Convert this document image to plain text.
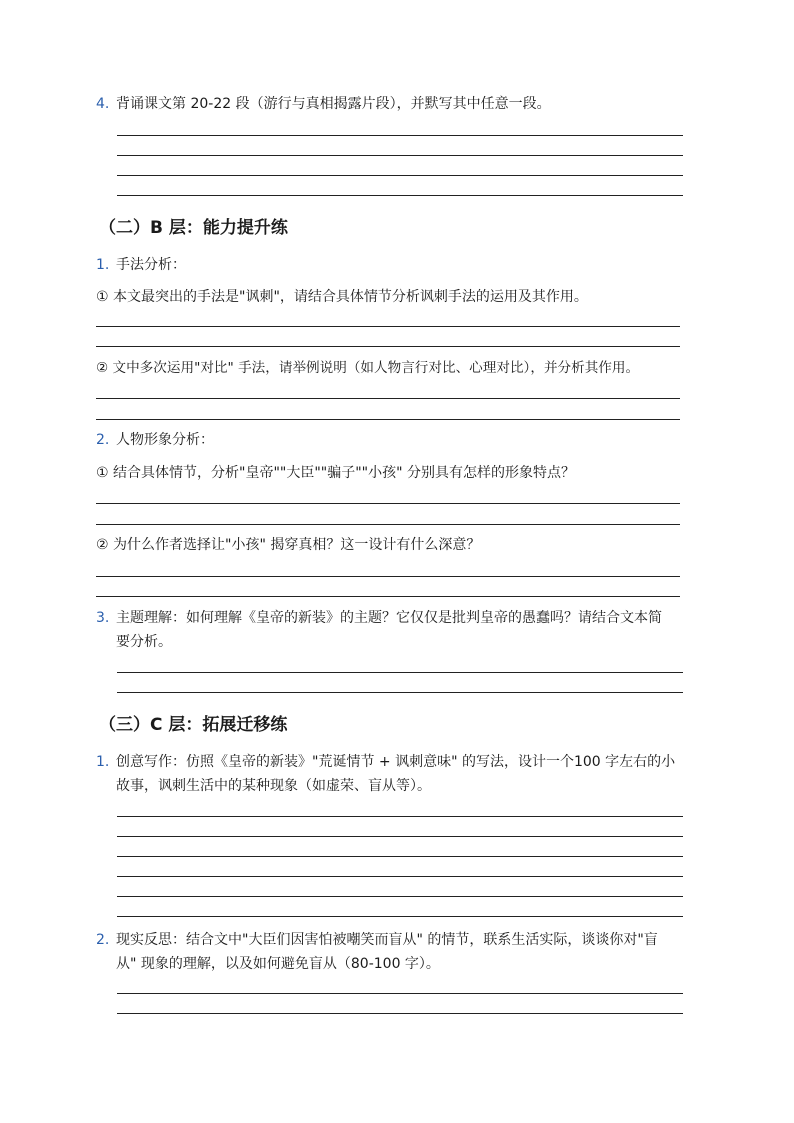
4. 背诵课文第 20-22 段（游行与真相揭露片段），并默写其中任意一段。
（二）B 层：能力提升练
1. 手法分析：
① 本文最突出的手法是"讽刺"，请结合具体情节分析讽刺手法的运用及其作用。
② 文中多次运用"对比" 手法，请举例说明（如人物言行对比、心理对比），并分析其作用。
2. 人物形象分析：
① 结合具体情节，分析"皇帝""大臣""骗子""小孩" 分别具有怎样的形象特点？
② 为什么作者选择让"小孩" 揭穿真相？这一设计有什么深意？
3. 主题理解：如何理解《皇帝的新装》的主题？它仅仅是批判皇帝的愚蠢吗？请结合文本简
要分析。
（三）C 层：拓展迁移练
1. 创意写作：仿照《皇帝的新装》"荒诞情节 + 讽刺意味" 的写法，设计一个100 字左右的小
故事，讽刺生活中的某种现象（如虚荣、盲从等）。
2. 现实反思：结合文中"大臣们因害怕被嘲笑而盲从" 的情节，联系生活实际，谈谈你对"盲
从" 现象的理解，以及如何避免盲从（80-100 字）。
